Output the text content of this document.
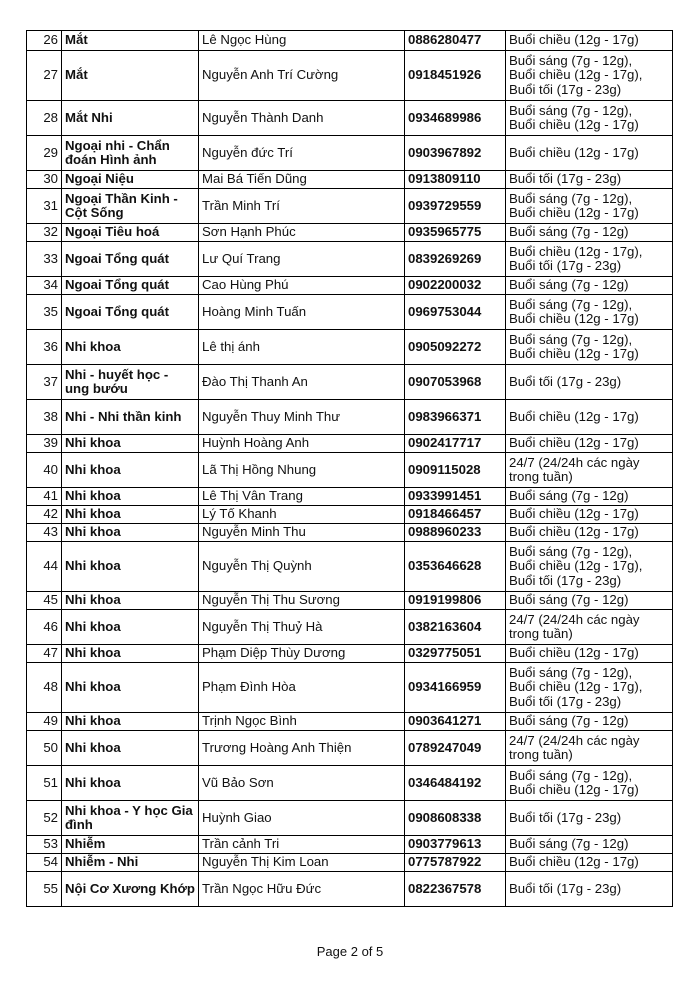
26	Mắt	Lê Ngọc Hùng	0886280477	Buổi chiều (12g - 17g)

27	Mắt	Nguyễn Anh Trí Cường	0918451926	Buổi sáng (7g - 12g),
Buổi chiều (12g - 17g),
Buổi tối (17g - 23g)

28	Mắt Nhi	Nguyễn Thành Danh	0934689986	Buổi sáng (7g - 12g),
Buổi chiều (12g - 17g)

29	Ngoại nhi - Chẩn đoán Hình ảnh	Nguyễn đức Trí	0903967892	Buổi chiều (12g - 17g)

30	Ngoại Niệu	Mai Bá Tiến Dũng	0913809110	Buổi tối (17g - 23g)

31	Ngoại Thần Kinh - Cột Sống	Trần Minh Trí	0939729559	Buổi sáng (7g - 12g),
Buổi chiều (12g - 17g)

32	Ngoại Tiêu hoá	Sơn Hạnh Phúc	0935965775	Buổi sáng (7g - 12g)

33	Ngoai Tổng quát	Lư Quí Trang	0839269269	Buổi chiều (12g - 17g),
Buổi tối (17g - 23g)

34	Ngoai Tổng quát	Cao Hùng Phú	0902200032	Buổi sáng (7g - 12g)

35	Ngoai Tổng quát	Hoàng Minh Tuấn	0969753044	Buổi sáng (7g - 12g),
Buổi chiều (12g - 17g)

36	Nhi khoa	Lê thị ánh	0905092272	Buổi sáng (7g - 12g),
Buổi chiều (12g - 17g)

37	Nhi - huyết học - ung bướu	Đào Thị Thanh An	0907053968	Buổi tối (17g - 23g)

38	Nhi - Nhi thần kinh	Nguyễn Thuy Minh Thư	0983966371	Buổi chiều (12g - 17g)

39	Nhi khoa	Huỳnh Hoàng Anh	0902417717	Buổi chiều (12g - 17g)

40	Nhi khoa	Lã Thị Hồng Nhung	0909115028	24/7 (24/24h các ngày
trong tuần)

41	Nhi khoa	Lê Thị Vân Trang	0933991451	Buổi sáng (7g - 12g)

42	Nhi khoa	Lý Tố Khanh	0918466457	Buổi chiều (12g - 17g)

43	Nhi khoa	Nguyễn Minh Thu	0988960233	Buổi chiều (12g - 17g)

44	Nhi khoa	Nguyễn Thị Quỳnh	0353646628	Buổi sáng (7g - 12g),
Buổi chiều (12g - 17g),
Buổi tối (17g - 23g)

45	Nhi khoa	Nguyễn Thị Thu Sương	0919199806	Buổi sáng (7g - 12g)

46	Nhi khoa	Nguyễn Thị Thuỷ Hà	0382163604	24/7 (24/24h các ngày
trong tuần)

47	Nhi khoa	Phạm Diệp Thùy Dương	0329775051	Buổi chiều (12g - 17g)

48	Nhi khoa	Phạm Đình Hòa	0934166959	Buổi sáng (7g - 12g),
Buổi chiều (12g - 17g),
Buổi tối (17g - 23g)

49	Nhi khoa	Trịnh Ngọc Bình	0903641271	Buổi sáng (7g - 12g)

50	Nhi khoa	Trương Hoàng Anh Thiện	0789247049	24/7 (24/24h các ngày
trong tuần)

51	Nhi khoa	Vũ Bảo Sơn	0346484192	Buổi sáng (7g - 12g),
Buổi chiều (12g - 17g)

52	Nhi khoa - Y học Gia đình	Huỳnh Giao	0908608338	Buổi tối (17g - 23g)

53	Nhiễm	Trần cảnh Tri	0903779613	Buổi sáng (7g - 12g)

54	Nhiễm - Nhi	Nguyễn Thị Kim Loan	0775787922	Buổi chiều (12g - 17g)

55	Nội Cơ Xương Khớp	Trần Ngọc Hữu Đức	0822367578	Buổi tối (17g - 23g)
Page 2 of 5
